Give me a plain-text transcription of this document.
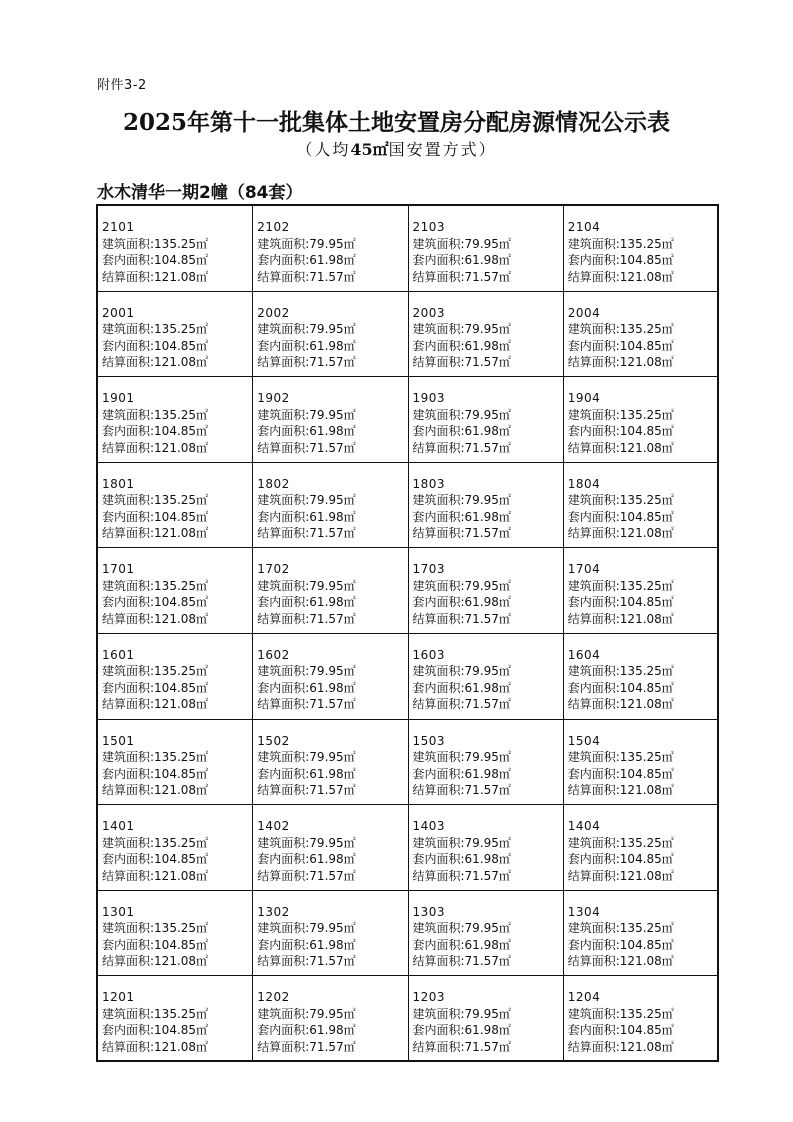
附件3-2
2025年第十一批集体土地安置房分配房源情况公示表
（人均45㎡国安置方式）
水木清华一期2幢（84套）
2101
建筑面积:135.25㎡
套内面积:104.85㎡
结算面积:121.08㎡
2102
建筑面积:79.95㎡
套内面积:61.98㎡
结算面积:71.57㎡
2103
建筑面积:79.95㎡
套内面积:61.98㎡
结算面积:71.57㎡
2104
建筑面积:135.25㎡
套内面积:104.85㎡
结算面积:121.08㎡
2001
建筑面积:135.25㎡
套内面积:104.85㎡
结算面积:121.08㎡
2002
建筑面积:79.95㎡
套内面积:61.98㎡
结算面积:71.57㎡
2003
建筑面积:79.95㎡
套内面积:61.98㎡
结算面积:71.57㎡
2004
建筑面积:135.25㎡
套内面积:104.85㎡
结算面积:121.08㎡
1901
建筑面积:135.25㎡
套内面积:104.85㎡
结算面积:121.08㎡
1902
建筑面积:79.95㎡
套内面积:61.98㎡
结算面积:71.57㎡
1903
建筑面积:79.95㎡
套内面积:61.98㎡
结算面积:71.57㎡
1904
建筑面积:135.25㎡
套内面积:104.85㎡
结算面积:121.08㎡
1801
建筑面积:135.25㎡
套内面积:104.85㎡
结算面积:121.08㎡
1802
建筑面积:79.95㎡
套内面积:61.98㎡
结算面积:71.57㎡
1803
建筑面积:79.95㎡
套内面积:61.98㎡
结算面积:71.57㎡
1804
建筑面积:135.25㎡
套内面积:104.85㎡
结算面积:121.08㎡
1701
建筑面积:135.25㎡
套内面积:104.85㎡
结算面积:121.08㎡
1702
建筑面积:79.95㎡
套内面积:61.98㎡
结算面积:71.57㎡
1703
建筑面积:79.95㎡
套内面积:61.98㎡
结算面积:71.57㎡
1704
建筑面积:135.25㎡
套内面积:104.85㎡
结算面积:121.08㎡
1601
建筑面积:135.25㎡
套内面积:104.85㎡
结算面积:121.08㎡
1602
建筑面积:79.95㎡
套内面积:61.98㎡
结算面积:71.57㎡
1603
建筑面积:79.95㎡
套内面积:61.98㎡
结算面积:71.57㎡
1604
建筑面积:135.25㎡
套内面积:104.85㎡
结算面积:121.08㎡
1501
建筑面积:135.25㎡
套内面积:104.85㎡
结算面积:121.08㎡
1502
建筑面积:79.95㎡
套内面积:61.98㎡
结算面积:71.57㎡
1503
建筑面积:79.95㎡
套内面积:61.98㎡
结算面积:71.57㎡
1504
建筑面积:135.25㎡
套内面积:104.85㎡
结算面积:121.08㎡
1401
建筑面积:135.25㎡
套内面积:104.85㎡
结算面积:121.08㎡
1402
建筑面积:79.95㎡
套内面积:61.98㎡
结算面积:71.57㎡
1403
建筑面积:79.95㎡
套内面积:61.98㎡
结算面积:71.57㎡
1404
建筑面积:135.25㎡
套内面积:104.85㎡
结算面积:121.08㎡
1301
建筑面积:135.25㎡
套内面积:104.85㎡
结算面积:121.08㎡
1302
建筑面积:79.95㎡
套内面积:61.98㎡
结算面积:71.57㎡
1303
建筑面积:79.95㎡
套内面积:61.98㎡
结算面积:71.57㎡
1304
建筑面积:135.25㎡
套内面积:104.85㎡
结算面积:121.08㎡
1201
建筑面积:135.25㎡
套内面积:104.85㎡
结算面积:121.08㎡
1202
建筑面积:79.95㎡
套内面积:61.98㎡
结算面积:71.57㎡
1203
建筑面积:79.95㎡
套内面积:61.98㎡
结算面积:71.57㎡
1204
建筑面积:135.25㎡
套内面积:104.85㎡
结算面积:121.08㎡
